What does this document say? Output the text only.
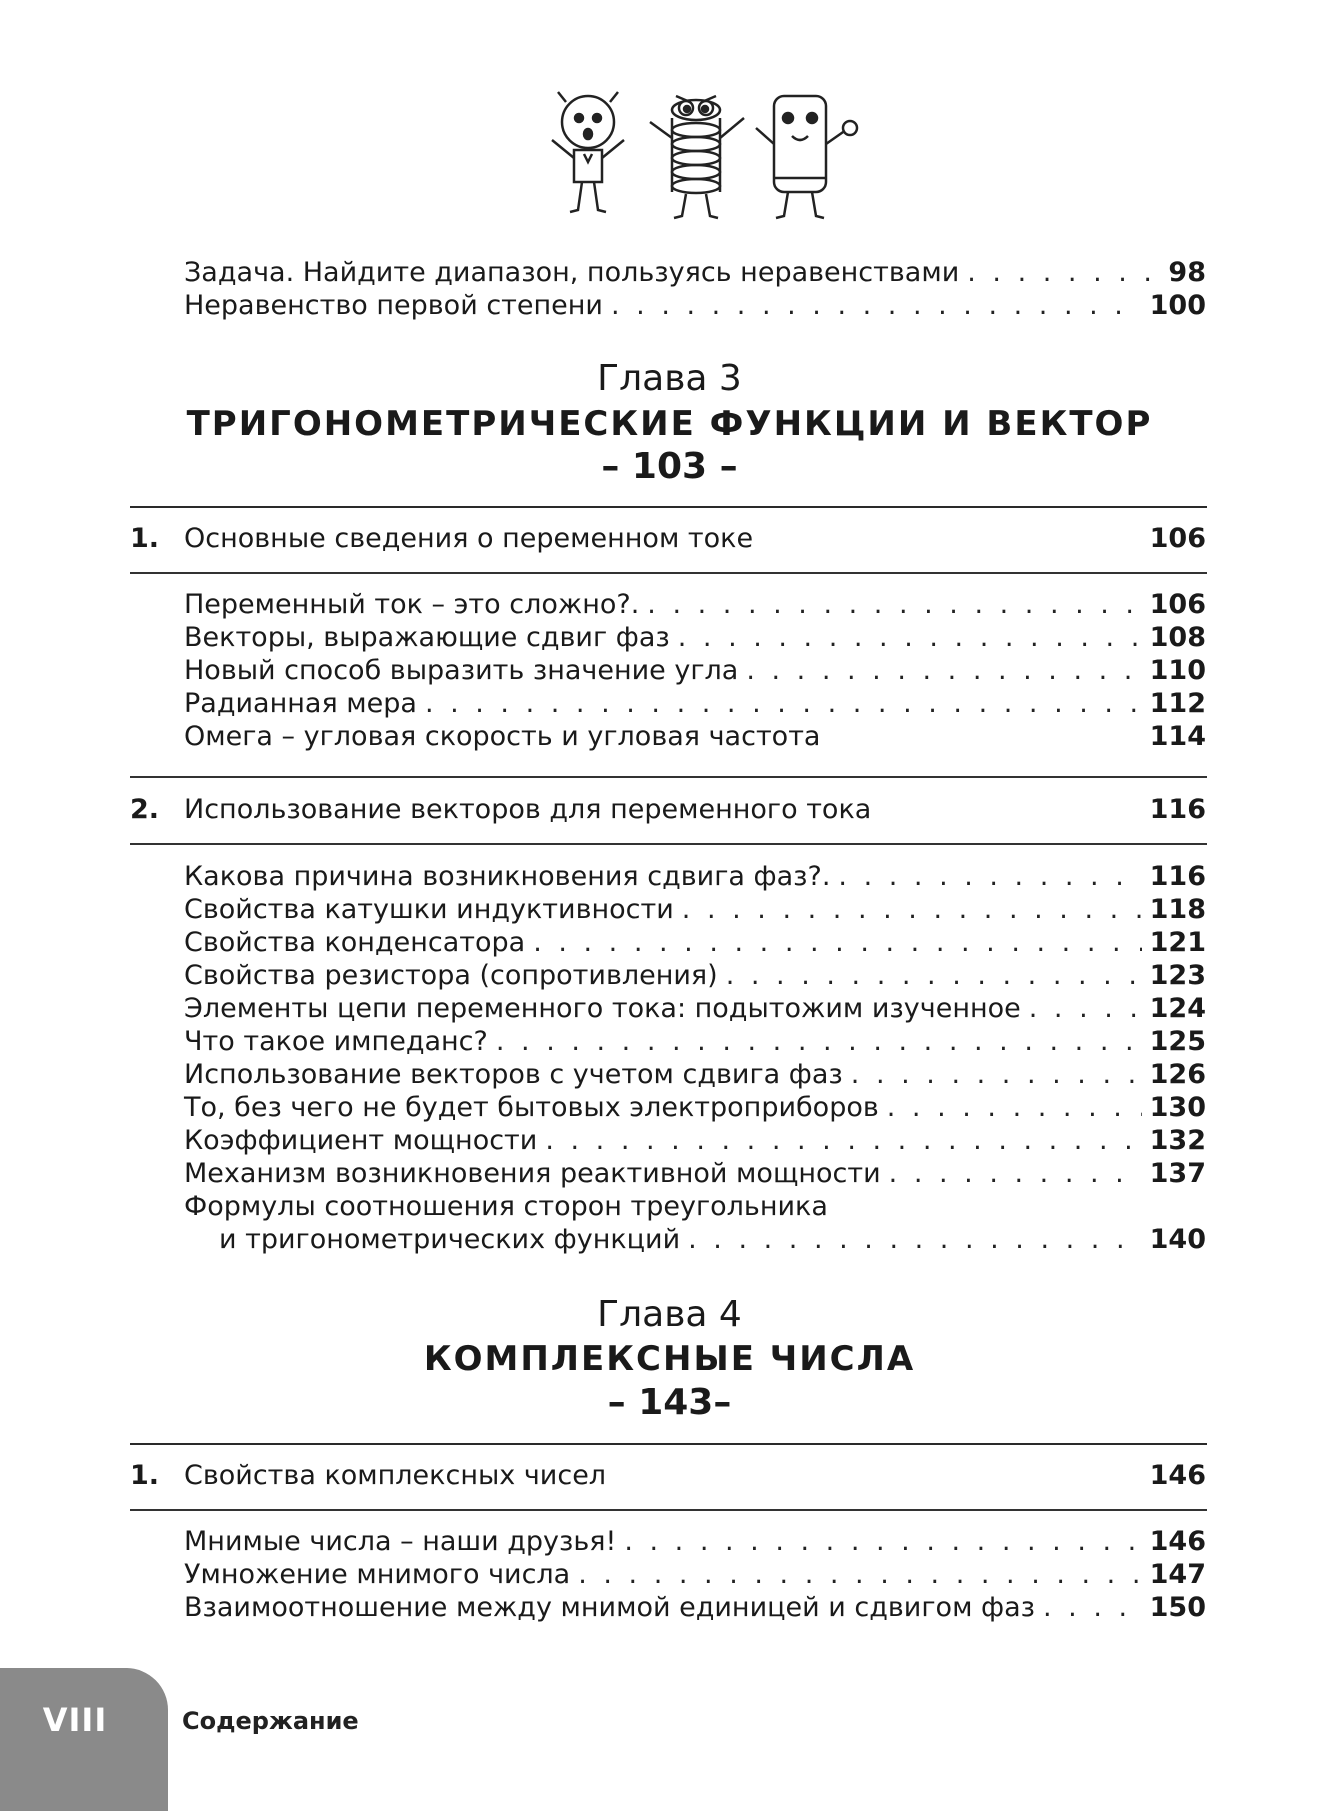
Задача. Найдите диапазон, пользуясь неравенствами . . .	98
Неравенство первой степени . . .	100
Глава 3
ТРИГОНОМЕТРИЧЕСКИЕ ФУНКЦИИ И ВЕКТОР
– 103 –
1. Основные сведения о переменном токе	106
Переменный ток – это сложно?. . . .	106
Векторы, выражающие сдвиг фаз . . .	108
Новый способ выразить значение угла . . .	110
Радианная мера . . .	112
Омега – угловая скорость и угловая частота	114
2. Использование векторов для переменного тока	116
Какова причина возникновения сдвига фаз?. . . .	116
Свойства катушки индуктивности . . .	118
Свойства конденсатора . . .	121
Свойства резистора (сопротивления) . . .	123
Элементы цепи переменного тока: подытожим изученное . . .	124
Что такое импеданс? . . .	125
Использование векторов с учетом сдвига фаз . . .	126
То, без чего не будет бытовых электроприборов . . .	130
Коэффициент мощности . . .	132
Механизм возникновения реактивной мощности . . .	137
Формулы соотношения сторон треугольника
и тригонометрических функций . . .	140
Глава 4
КОМПЛЕКСНЫЕ ЧИСЛА
– 143–
1. Свойства комплексных чисел	146
Мнимые числа – наши друзья! . . .	146
Умножение мнимого числа . . .	147
Взаимоотношение между мнимой единицей и сдвигом фаз . . .	150
VIII	Содержание
